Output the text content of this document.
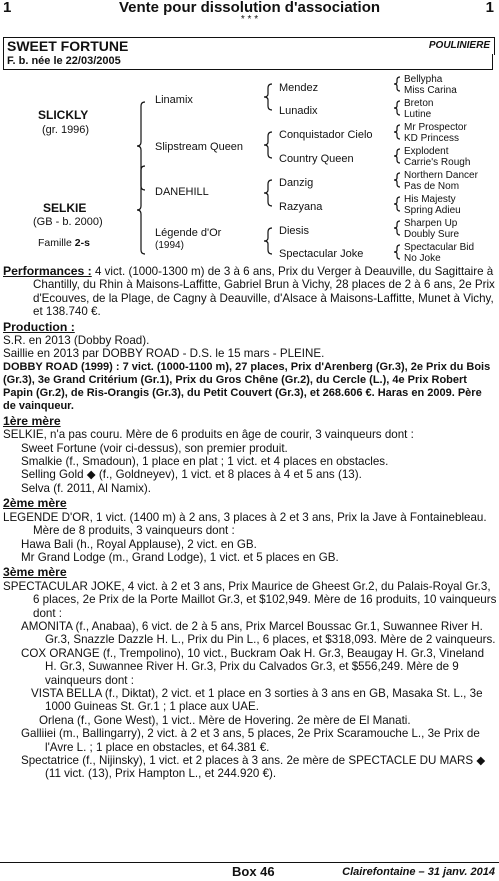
1	Vente pour dissolution d'association	1
* * *
SWEET FORTUNE	POULINIERE
F. b. née le 22/03/2005
SLICKLY
(gr. 1996)
SELKIE
(GB - b. 2000)
Famille 2-s
Linamix
Slipstream Queen
DANEHILL
Légende d'Or
(1994)
Mendez
Lunadix
Conquistador Cielo
Country Queen
Danzig
Razyana
Diesis
Spectacular Joke
Bellypha
Miss Carina
Breton
Lutine
Mr Prospector
KD Princess
Explodent
Carrie's Rough
Northern Dancer
Pas de Nom
His Majesty
Spring Adieu
Sharpen Up
Doubly Sure
Spectacular Bid
No Joke

Performances : 4 vict. (1000-1300 m) de 3 à 6 ans, Prix du Verger à Deauville, du Sagittaire à Chantilly, du Rhin à Maisons-Laffitte, Gabriel Brun à Vichy, 28 places de 2 à 6 ans, 2e Prix d'Ecouves, de la Plage, de Cagny à Deauville, d'Alsace à Maisons-Laffitte, Munet à Vichy, et 138.740 €.

Production :

S.R. en 2013 (Dobby Road).

Saillie en 2013 par DOBBY ROAD - D.S. le 15 mars - PLEINE.

DOBBY ROAD (1999) : 7 vict. (1000-1100 m), 27 places, Prix d'Arenberg (Gr.3), 2e Prix du Bois (Gr.3), 3e Grand Critérium (Gr.1), Prix du Gros Chêne (Gr.2), du Cercle (L.), 4e Prix Robert Papin (Gr.2), de Ris-Orangis (Gr.3), du Petit Couvert (Gr.3), et 268.606 €. Haras en 2009. Père de vainqueur.

1ère mère

SELKIE, n'a pas couru. Mère de 6 produits en âge de courir, 3 vainqueurs dont :

Sweet Fortune (voir ci-dessus), son premier produit.

Smalkie (f., Smadoun), 1 place en plat ; 1 vict. et 4 places en obstacles.

Selling Gold ◆ (f., Goldneyev), 1 vict. et 8 places à 4 et 5 ans (13).

Selva (f. 2011, Al Namix).

2ème mère

LEGENDE D'OR, 1 vict. (1400 m) à 2 ans, 3 places à 2 et 3 ans, Prix la Jave à Fontainebleau. Mère de 8 produits, 3 vainqueurs dont :

Hawa Bali (h., Royal Applause), 2 vict. en GB.

Mr Grand Lodge (m., Grand Lodge), 1 vict. et 5 places en GB.

3ème mère

SPECTACULAR JOKE, 4 vict. à 2 et 3 ans, Prix Maurice de Gheest Gr.2, du Palais-Royal Gr.3, 6 places, 2e Prix de la Porte Maillot Gr.3, et $102,949. Mère de 16 produits, 10 vainqueurs dont :

AMONITA (f., Anabaa), 6 vict. de 2 à 5 ans, Prix Marcel Boussac Gr.1, Suwannee River H. Gr.3, Snazzle Dazzle H. L., Prix du Pin L., 6 places, et $318,093. Mère de 2 vainqueurs.

COX ORANGE (f., Trempolino), 10 vict., Buckram Oak H. Gr.3, Beaugay H. Gr.3, Vineland H. Gr.3, Suwannee River H. Gr.3, Prix du Calvados Gr.3, et $556,249. Mère de 9 vainqueurs dont :

VISTA BELLA (f., Diktat), 2 vict. et 1 place en 3 sorties à 3 ans en GB, Masaka St. L., 3e 1000 Guineas St. Gr.1 ; 1 place aux UAE.

Orlena (f., Gone West), 1 vict.. Mère de Hovering. 2e mère de El Manati.

Galliiei (m., Ballingarry), 2 vict. à 2 et 3 ans, 5 places, 2e Prix Scaramouche L., 3e Prix de l'Avre L. ; 1 place en obstacles, et 64.381 €.

Spectatrice (f., Nijinsky), 1 vict. et 2 places à 3 ans. 2e mère de SPECTACLE DU MARS ◆ (11 vict. (13), Prix Hampton L., et 244.920 €).

Box 46	Clairefontaine – 31 janv. 2014
